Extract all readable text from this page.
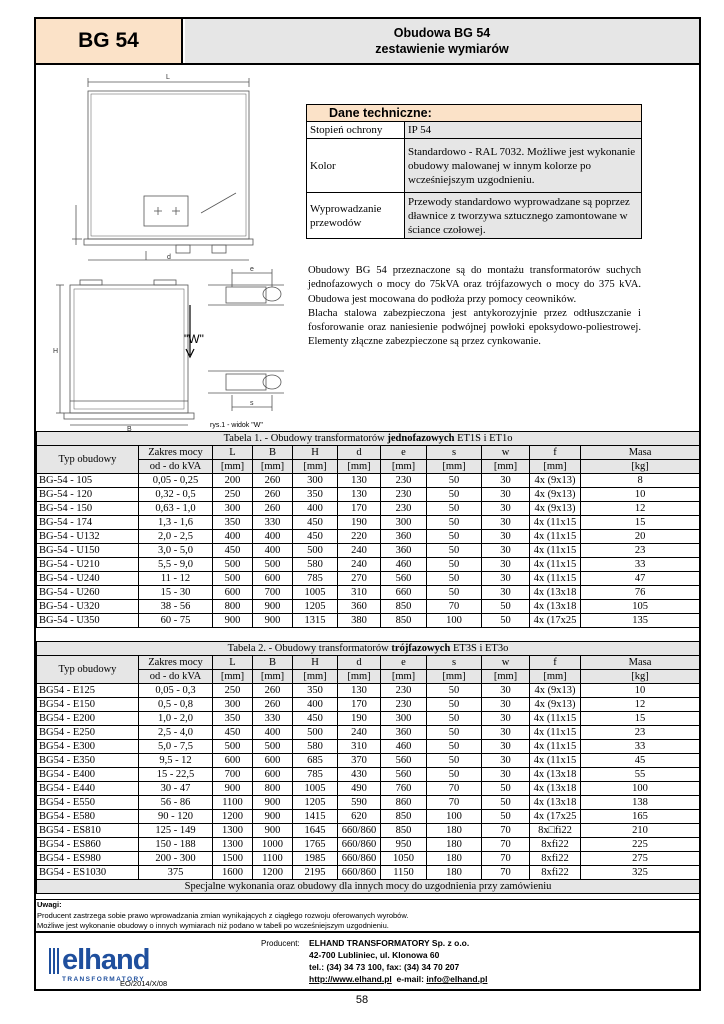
BG 54	Obudowa BG 54
zestawienie wymiarów
L
H
B
d
e
s
"W"
rys.1 - widok "W"
Dane techniczne:	
Stopień ochrony	IP 54
Kolor	Standardowo - RAL 7032. Możliwe jest wykonanie obudowy malowanej w innym kolorze po wcześniejszym uzgodnieniu.
Wyprowadzanie przewodów	Przewody standardowo wyprowadzane są poprzez dławnice z tworzywa sztucznego zamontowane w ściance czołowej.

Obudowy BG 54 przeznaczone są do montażu transformatorów suchych jednofazowych o mocy do 75kVA oraz trójfazowych o mocy do 375 kVA. Obudowa jest mocowana do podłoża przy pomocy ceowników.

Blacha stalowa zabezpieczona jest antykorozyjnie przez odtłuszczanie i fosforowanie oraz naniesienie podwójnej powłoki epoksydowo-poliestrowej. Elementy złączne zabezpieczone są przez cynkowanie.

Tabela 1. - Obudowy transformatorów jednofazowych ET1S i ET1o										
Typ obudowy	Zakres mocy	L	B	H	d	e	s	w	f	Masa
	od - do kVA	[mm]	[mm]	[mm]	[mm]	[mm]	[mm]	[mm]	[mm]	[kg]
BG-54 - 105	0,05 - 0,25	200	260	300	130	230	50	30	4x (9x13)	8
BG-54 - 120	0,32 - 0,5	250	260	350	130	230	50	30	4x (9x13)	10
BG-54 - 150	0,63 - 1,0	300	260	400	170	230	50	30	4x (9x13)	12
BG-54 - 174	1,3 - 1,6	350	330	450	190	300	50	30	4x (11x15	15
BG-54 - U132	2,0 - 2,5	400	400	450	220	360	50	30	4x (11x15	20
BG-54 - U150	3,0 - 5,0	450	400	500	240	360	50	30	4x (11x15	23
BG-54 - U210	5,5 - 9,0	500	500	580	240	460	50	30	4x (11x15	33
BG-54 - U240	11 - 12	500	600	785	270	560	50	30	4x (11x15	47
BG-54 - U260	15 - 30	600	700	1005	310	660	50	30	4x (13x18	76
BG-54 - U320	38 - 56	800	900	1205	360	850	70	50	4x (13x18	105
BG-54 - U350	60 - 75	900	900	1315	380	850	100	50	4x (17x25	135
Tabela 2. - Obudowy transformatorów trójfazowych ET3S i ET3o										
Typ obudowy	Zakres mocy	L	B	H	d	e	s	w	f	Masa
	od - do kVA	[mm]	[mm]	[mm]	[mm]	[mm]	[mm]	[mm]	[mm]	[kg]
BG54 - E125	0,05 - 0,3	250	260	350	130	230	50	30	4x (9x13)	10
BG54 - E150	0,5 - 0,8	300	260	400	170	230	50	30	4x (9x13)	12
BG54 - E200	1,0 - 2,0	350	330	450	190	300	50	30	4x (11x15	15
BG54 - E250	2,5 - 4,0	450	400	500	240	360	50	30	4x (11x15	23
BG54 - E300	5,0 - 7,5	500	500	580	310	460	50	30	4x (11x15	33
BG54 - E350	9,5 - 12	600	600	685	370	560	50	30	4x (11x15	45
BG54 - E400	15 - 22,5	700	600	785	430	560	50	30	4x (13x18	55
BG54 - E440	30 - 47	900	800	1005	490	760	70	50	4x (13x18	100
BG54 - E550	56 - 86	1100	900	1205	590	860	70	50	4x (13x18	138
BG54 - E580	90 - 120	1200	900	1415	620	850	100	50	4x (17x25	165
BG54 - ES810	125 - 149	1300	900	1645	660/860	850	180	70	8x□fi22	210
BG54 - ES860	150 - 188	1300	1000	1765	660/860	950	180	70	8xfi22	225
BG54 - ES980	200 - 300	1500	1100	1985	660/860	1050	180	70	8xfi22	275
BG54 - ES1030	375	1600	1200	2195	660/860	1150	180	70	8xfi22	325
Specjalne wykonania oraz obudowy dla innych mocy do uzgodnienia przy zamówieniu										
Uwagi:
Producent zastrzega sobie prawo wprowadzania zmian wynikających z ciągłego rozwoju oferowanych wyrobów.
Możliwe jest wykonanie obudowy o innych wymiarach niż podano w tabeli po wcześniejszym uzgodnieniu.
elhand
TRANSFORMATORY
EO/2014/X/08
Producent: ELHAND TRANSFORMATORY Sp. z o.o.
42-700 Lubliniec, ul. Klonowa 60
tel.: (34) 34 73 100, fax: (34) 34 70 207
http://www.elhand.pl e-mail: info@elhand.pl
58
